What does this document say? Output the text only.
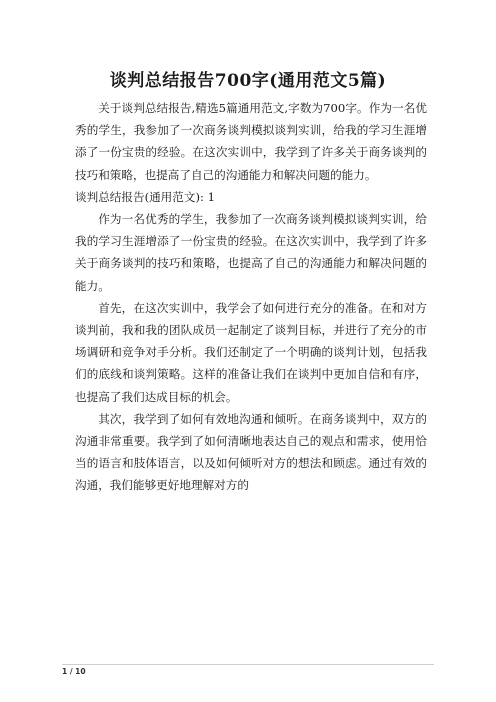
谈判总结报告700字(通用范文5篇)

关于谈判总结报告,精选5篇通用范文,字数为700字。作为一名优秀的学生，我参加了一次商务谈判模拟谈判实训，给我的学习生涯增添了一份宝贵的经验。在这次实训中，我学到了许多关于商务谈判的技巧和策略，也提高了自己的沟通能力和解决问题的能力。

谈判总结报告(通用范文): 1

作为一名优秀的学生，我参加了一次商务谈判模拟谈判实训，给我的学习生涯增添了一份宝贵的经验。在这次实训中，我学到了许多关于商务谈判的技巧和策略，也提高了自己的沟通能力和解决问题的能力。

首先，在这次实训中，我学会了如何进行充分的准备。在和对方谈判前，我和我的团队成员一起制定了谈判目标，并进行了充分的市场调研和竞争对手分析。我们还制定了一个明确的谈判计划，包括我们的底线和谈判策略。这样的准备让我们在谈判中更加自信和有序，也提高了我们达成目标的机会。

其次，我学到了如何有效地沟通和倾听。在商务谈判中，双方的沟通非常重要。我学到了如何清晰地表达自己的观点和需求，使用恰当的语言和肢体语言，以及如何倾听对方的想法和顾虑。通过有效的沟通，我们能够更好地理解对方的

1 / 10
